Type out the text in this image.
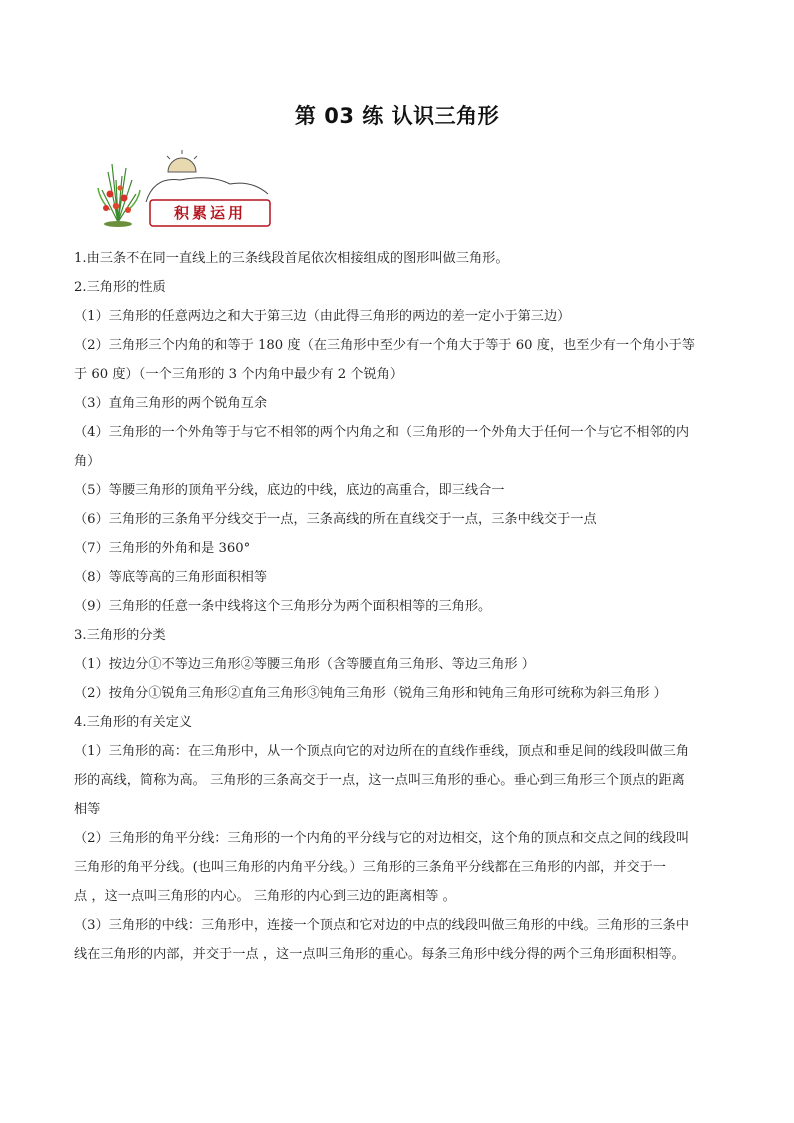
第 03 练 认识三角形
积累运用

1.由三条不在同一直线上的三条线段首尾依次相接组成的图形叫做三角形。

2.三角形的性质

（1）三角形的任意两边之和大于第三边（由此得三角形的两边的差一定小于第三边）

（2）三角形三个内角的和等于 180 度（在三角形中至少有一个角大于等于 60 度，也至少有一个角小于等

于 60 度）（一个三角形的 3 个内角中最少有 2 个锐角）

（3）直角三角形的两个锐角互余

（4）三角形的一个外角等于与它不相邻的两个内角之和（三角形的一个外角大于任何一个与它不相邻的内

角）

（5）等腰三角形的顶角平分线，底边的中线，底边的高重合，即三线合一

（6）三角形的三条角平分线交于一点，三条高线的所在直线交于一点，三条中线交于一点

（7）三角形的外角和是 360°

（8）等底等高的三角形面积相等

（9）三角形的任意一条中线将这个三角形分为两个面积相等的三角形。

3.三角形的分类

（1）按边分①不等边三角形②等腰三角形（含等腰直角三角形、等边三角形 ）

（2）按角分①锐角三角形②直角三角形③钝角三角形（锐角三角形和钝角三角形可统称为斜三角形 ）

4.三角形的有关定义

（1）三角形的高：在三角形中，从一个顶点向它的对边所在的直线作垂线，顶点和垂足间的线段叫做三角

形的高线，简称为高。 三角形的三条高交于一点，这一点叫三角形的垂心。垂心到三角形三个顶点的距离

相等

（2）三角形的角平分线：三角形的一个内角的平分线与它的对边相交，这个角的顶点和交点之间的线段叫

三角形的角平分线。(也叫三角形的内角平分线。）三角形的三条角平分线都在三角形的内部，并交于一

点 ，这一点叫三角形的内心。 三角形的内心到三边的距离相等 。

（3）三角形的中线：三角形中，连接一个顶点和它对边的中点的线段叫做三角形的中线。三角形的三条中

线在三角形的内部，并交于一点 ，这一点叫三角形的重心。每条三角形中线分得的两个三角形面积相等。
